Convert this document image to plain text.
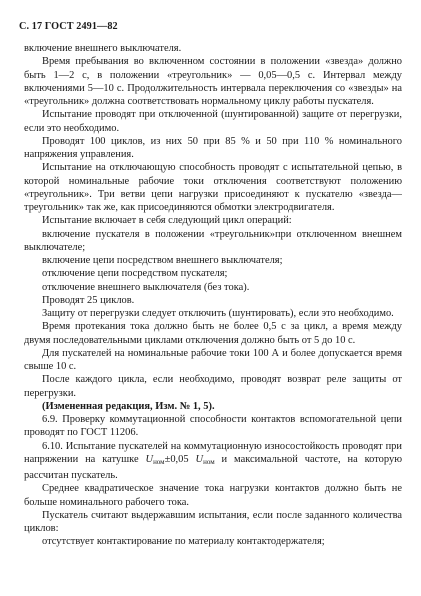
С. 17 ГОСТ 2491—82

включение внешнего выключателя.

Время пребывания во включенном состоянии в положении «звезда» должно быть 1—2 с, в положении «треугольник» — 0,05—0,5 с. Интервал между включениями 5—10 с. Продолжительность интервала переключения со «звезды» на «треугольник» должна соответствовать нормальному циклу работы пускателя.

Испытание проводят при отключенной (шунтированной) защите от перегрузки, если это необходимо.

Проводят 100 циклов, из них 50 при 85 % и 50 при 110 % номинального напряжения управления.

Испытание на отключающую способность проводят с испытательной цепью, в которой номинальные рабочие токи отключения соответствуют положению «треугольник». Три ветви цепи нагрузки присоединяют к пускателю «звезда—треугольник» так же, как присоединяются обмотки электродвигателя.

Испытание включает в себя следующий цикл операций:

включение пускателя в положении «треугольник»при отключенном внешнем выключателе;

включение цепи посредством внешнего выключателя;

отключение цепи посредством пускателя;

отключение внешнего выключателя (без тока).

Проводят 25 циклов.

Защиту от перегрузки следует отключить (шунтировать), если это необходимо.

Время протекания тока должно быть не более 0,5 с за цикл, а время между двумя последовательными циклами отключения должно быть от 5 до 10 с.

Для пускателей на номинальные рабочие токи 100 А и более допускается время свыше 10 с.

После каждого цикла, если необходимо, проводят возврат реле защиты от перегрузки.

(Измененная редакция, Изм. № 1, 5).

6.9. Проверку коммутационной способности контактов вспомогательной цепи проводят по ГОСТ 11206.

6.10. Испытание пускателей на коммутационную износостойкость проводят при напряжении на катушке $U_{ном}\pm 0,05$ $U_{ном}$ и максимальной частоте, на которую рассчитан пускатель.

Среднее квадратическое значение тока нагрузки контактов должно быть не больше номинального рабочего тока.

Пускатель считают выдержавшим испытания, если после заданного количества циклов:

отсутствует контактирование по материалу контактодержателя;
